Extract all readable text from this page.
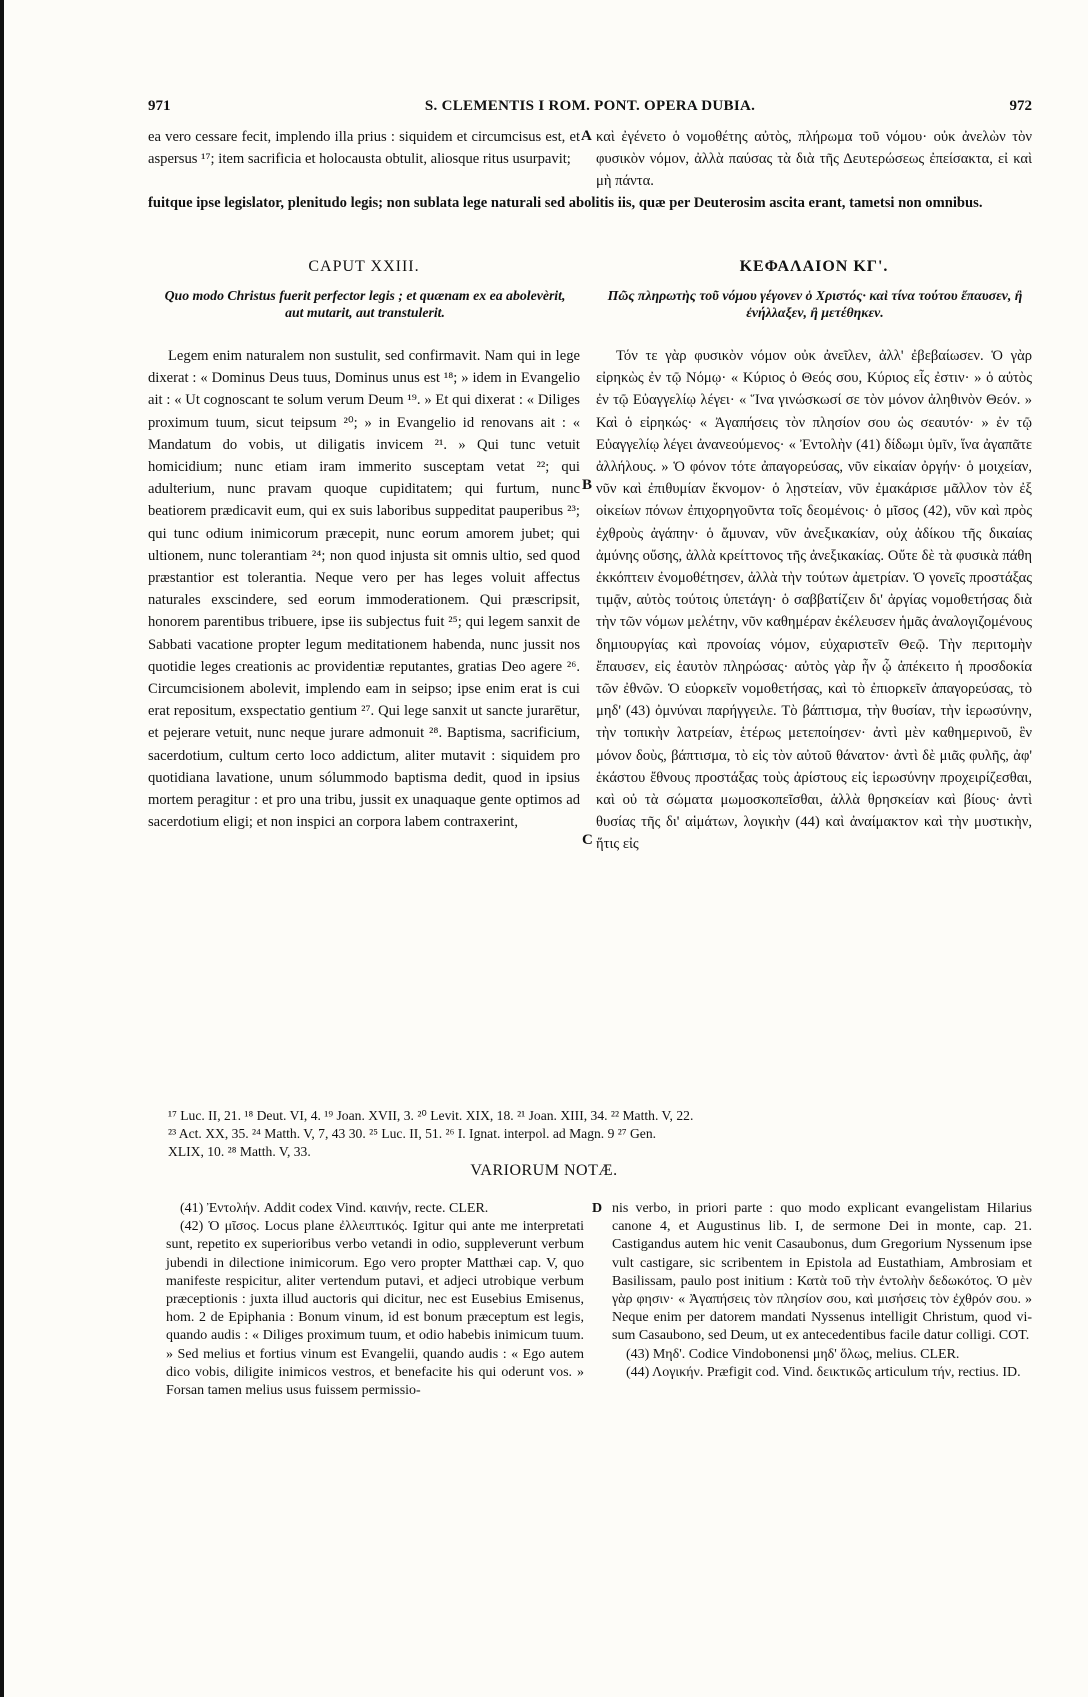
971	S. CLEMENTIS I ROM. PONT. OPERA DUBIA.	972
ea vero cessare fecit, implendo illa prius : siquidem et circumcisus est, et aspersus ¹⁷; item sacrificia et holocausta obtulit, aliosque ritus usurpavit;
καὶ ἐγένετο ὁ νομοθέτης αὐτὸς, πλήρωμα τοῦ νόμου· οὐκ ἀνελὼν τὸν φυσικὸν νόμον, ἀλλὰ παύσας τὰ διὰ τῆς Δευτερώσεως ἐπείσακτα, εἰ καὶ μὴ πάντα.
fuitque ipse legislator, plenitudo legis; non sublata lege naturali sed abolitis iis, quæ per Deuterosim ascita erant, tametsi non omnibus.
A
CAPUT XXIII.	ΚΕΦΑΛΑΙΟΝ ΚΓ'.
Quo modo Christus fuerit perfector legis ; et quænam ex ea abolevèrit, aut mutarit, aut transtulerit.
Πῶς πληρωτὴς τοῦ νόμου γέγονεν ὁ Χριστός· καὶ τίνα τούτου ἔπαυσεν, ἢ ἐνήλλαξεν, ἢ μετέθηκεν.

Legem enim naturalem non sustulit, sed confirmavit. Nam qui in lege dixerat : « Dominus Deus tuus, Dominus unus est ¹⁸; » idem in Evangelio ait : « Ut cognoscant te solum verum Deum ¹⁹. » Et qui dixerat : « Diliges proximum tuum, sicut teipsum ²⁰; » in Evangelio id renovans ait : « Mandatum do vobis, ut diligatis invicem ²¹. » Qui tunc vetuit homicidium; nunc etiam iram immerito susceptam vetat ²²; qui adulterium, nunc pravam quoque cupiditatem; qui furtum, nunc beatiorem prædicavit eum, qui ex suis laboribus suppeditat pauperibus ²³; qui tunc odium inimicorum præcepit, nunc eorum amorem jubet; qui ultionem, nunc tolerantiam ²⁴; non quod injusta sit omnis ultio, sed quod præstantior est tolerantia. Neque vero per has leges voluit affectus naturales exscindere, sed eorum immoderationem. Qui præscripsit, honorem parentibus tribuere, ipse iis subjectus fuit ²⁵; qui legem sanxit de Sabbati vacatione propter legum meditationem habenda, nunc jussit nos quotidie leges creationis ac providentiæ reputantes, gratias Deo agere ²⁶. Circumcisionem abolevit, implendo eam in seipso; ipse enim erat is cui erat repositum, exspectatio gentium ²⁷. Qui lege sanxit ut sancte jurarētur, et pejerare vetuit, nunc neque jurare admonuit ²⁸. Baptisma, sacrificium, sacerdotium, cultum certo loco addictum, aliter mutavit : siquidem pro quotidiana lavatione, unum sólummodo baptisma dedit, quod in ipsius mortem peragitur : et pro una tribu, jussit ex unaquaque gente optimos ad sacerdotium eligi; et non inspici an corpora labem contraxerint,

Τόν τε γὰρ φυσικὸν νόμον οὐκ ἀνεῖλεν, ἀλλ' ἐβεβαίωσεν. Ὁ γὰρ εἰρηκὼς ἐν τῷ Νόμῳ· « Κύριος ὁ Θεός σου, Κύριος εἷς ἐστιν· » ὁ αὐτὸς ἐν τῷ Εὐαγγελίῳ λέγει· « Ἵνα γινώσκωσί σε τὸν μόνον ἀληθινὸν Θεόν. » Καὶ ὁ εἰρηκώς· « Ἀγαπήσεις τὸν πλησίον σου ὡς σεαυτόν· » ἐν τῷ Εὐαγγελίῳ λέγει ἀνανεούμενος· « Ἐντολὴν (41) δίδωμι ὑμῖν, ἵνα ἀγαπᾶτε ἀλλήλους. » Ὁ φόνον τότε ἀπαγορεύσας, νῦν εἰκαίαν ὀργήν· ὁ μοιχείαν, νῦν καὶ ἐπιθυμίαν ἔκνομον· ὁ λῃστείαν, νῦν ἐμακάρισε μᾶλλον τὸν ἐξ οἰκείων πόνων ἐπιχορηγοῦντα τοῖς δεομένοις· ὁ μῖσος (42), νῦν καὶ πρὸς ἐχθροὺς ἀγάπην· ὁ ἄμυναν, νῦν ἀνεξικακίαν, οὐχ ἀδίκου τῆς δικαίας ἀμύνης οὔσης, ἀλλὰ κρείττονος τῆς ἀνεξικακίας. Οὔτε δὲ τὰ φυσικὰ πάθη ἐκκόπτειν ἐνομοθέτησεν, ἀλλὰ τὴν τούτων ἀμετρίαν. Ὁ γονεῖς προστάξας τιμᾷν, αὐτὸς τούτοις ὑπετάγη· ὁ σαββατίζειν δι' ἀργίας νομοθετήσας διὰ τὴν τῶν νόμων μελέτην, νῦν καθημέραν ἐκέλευσεν ἡμᾶς ἀναλογιζομένους δημιουργίας καὶ προνοίας νόμον, εὐχαριστεῖν Θεῷ. Τὴν περιτομὴν ἔπαυσεν, εἰς ἑαυτὸν πληρώσας· αὐτὸς γὰρ ἦν ᾧ ἀπέκειτο ἡ προσδοκία τῶν ἐθνῶν. Ὁ εὐορκεῖν νομοθετήσας, καὶ τὸ ἐπιορκεῖν ἀπαγορεύσας, τὸ μηδ' (43) ὀμνύναι παρήγγειλε. Τὸ βάπτισμα, τὴν θυσίαν, τὴν ἱερωσύνην, τὴν τοπικὴν λατρείαν, ἑτέρως μετεποίησεν· ἀντὶ μὲν καθημερινοῦ, ἓν μόνον δοὺς, βάπτισμα, τὸ εἰς τὸν αὐτοῦ θάνατον· ἀντὶ δὲ μιᾶς φυλῆς, ἀφ' ἑκάστου ἔθνους προστάξας τοὺς ἀρίστους εἰς ἱερωσύνην προχειρίζεσθαι, καὶ οὐ τὰ σώματα μωμοσκοπεῖσθαι, ἀλλὰ θρησκείαν καὶ βίους· ἀντὶ θυσίας τῆς δι' αἱμάτων, λογικὴν (44) καὶ ἀναίμακτον καὶ τὴν μυστικὴν, ἥτις εἰς

B
C

¹⁷ Luc. II, 21. ¹⁸ Deut. VI, 4. ¹⁹ Joan. XVII, 3. ²⁰ Levit. XIX, 18. ²¹ Joan. XIII, 34. ²² Matth. V, 22.

²³ Act. XX, 35. ²⁴ Matth. V, 7, 43 30. ²⁵ Luc. II, 51. ²⁶ I. Ignat. interpol. ad Magn. 9 ²⁷ Gen.

XLIX, 10. ²⁸ Matth. V, 33.

VARIORUM NOTÆ.

(41) Ἐντολήν. Addit codex Vind. καινήν, recte. CLER.

(42) Ὁ μῖσος. Locus plane ἐλλειπτικός. Igitur qui ante me interpretati sunt, repetito ex superioribus verbo vetandi in odio, suppleverunt verbum jubendi in dilectione inimicorum. Ego vero propter Matthæi cap. V, quo manifeste respicitur, aliter vertendum putavi, et adjeci utrobique verbum præceptionis : juxta illud auctoris qui dicitur, nec est Eusebius Emisenus, hom. 2 de Epiphania : Bonum vinum, id est bonum præceptum est legis, quando audis : « Diliges proximum tuum, et odio habebis inimicum tuum. » Sed melius et fortius vinum est Evangelii, quando audis : « Ego autem dico vobis, diligite inimicos vestros, et benefacite his qui oderunt vos. » Forsan tamen melius usus fuissem permissio-

D nis verbo, in priori parte : quo modo explicant evangelistam Hilarius canone 4, et Augustinus lib. I, de sermone Dei in monte, cap. 21. Castigandus autem hic venit Casaubonus, dum Gregorium Nyssenum ipse vult castigare, sic scribentem in Epistola ad Eustathiam, Ambrosiam et Basilissam, paulo post initium : Κατὰ τοῦ τὴν ἐντολὴν δεδωκότος. Ὁ μὲν γὰρ φησιν· « Ἀγαπήσεις τὸν πλησίον σου, καὶ μισήσεις τὸν ἐχθρόν σου. » Neque enim per datorem mandati Nyssenus intelligit Christum, quod vi- sum Casaubono, sed Deum, ut ex antecedentibus facile datur colligi. COT.

(43) Μηδ'. Codice Vindobonensi μηδ' ὅλως, melius. CLER.

(44) Λογικήν. Præfigit cod. Vind. δεικτικῶς articulum τήν, rectius. ID.
